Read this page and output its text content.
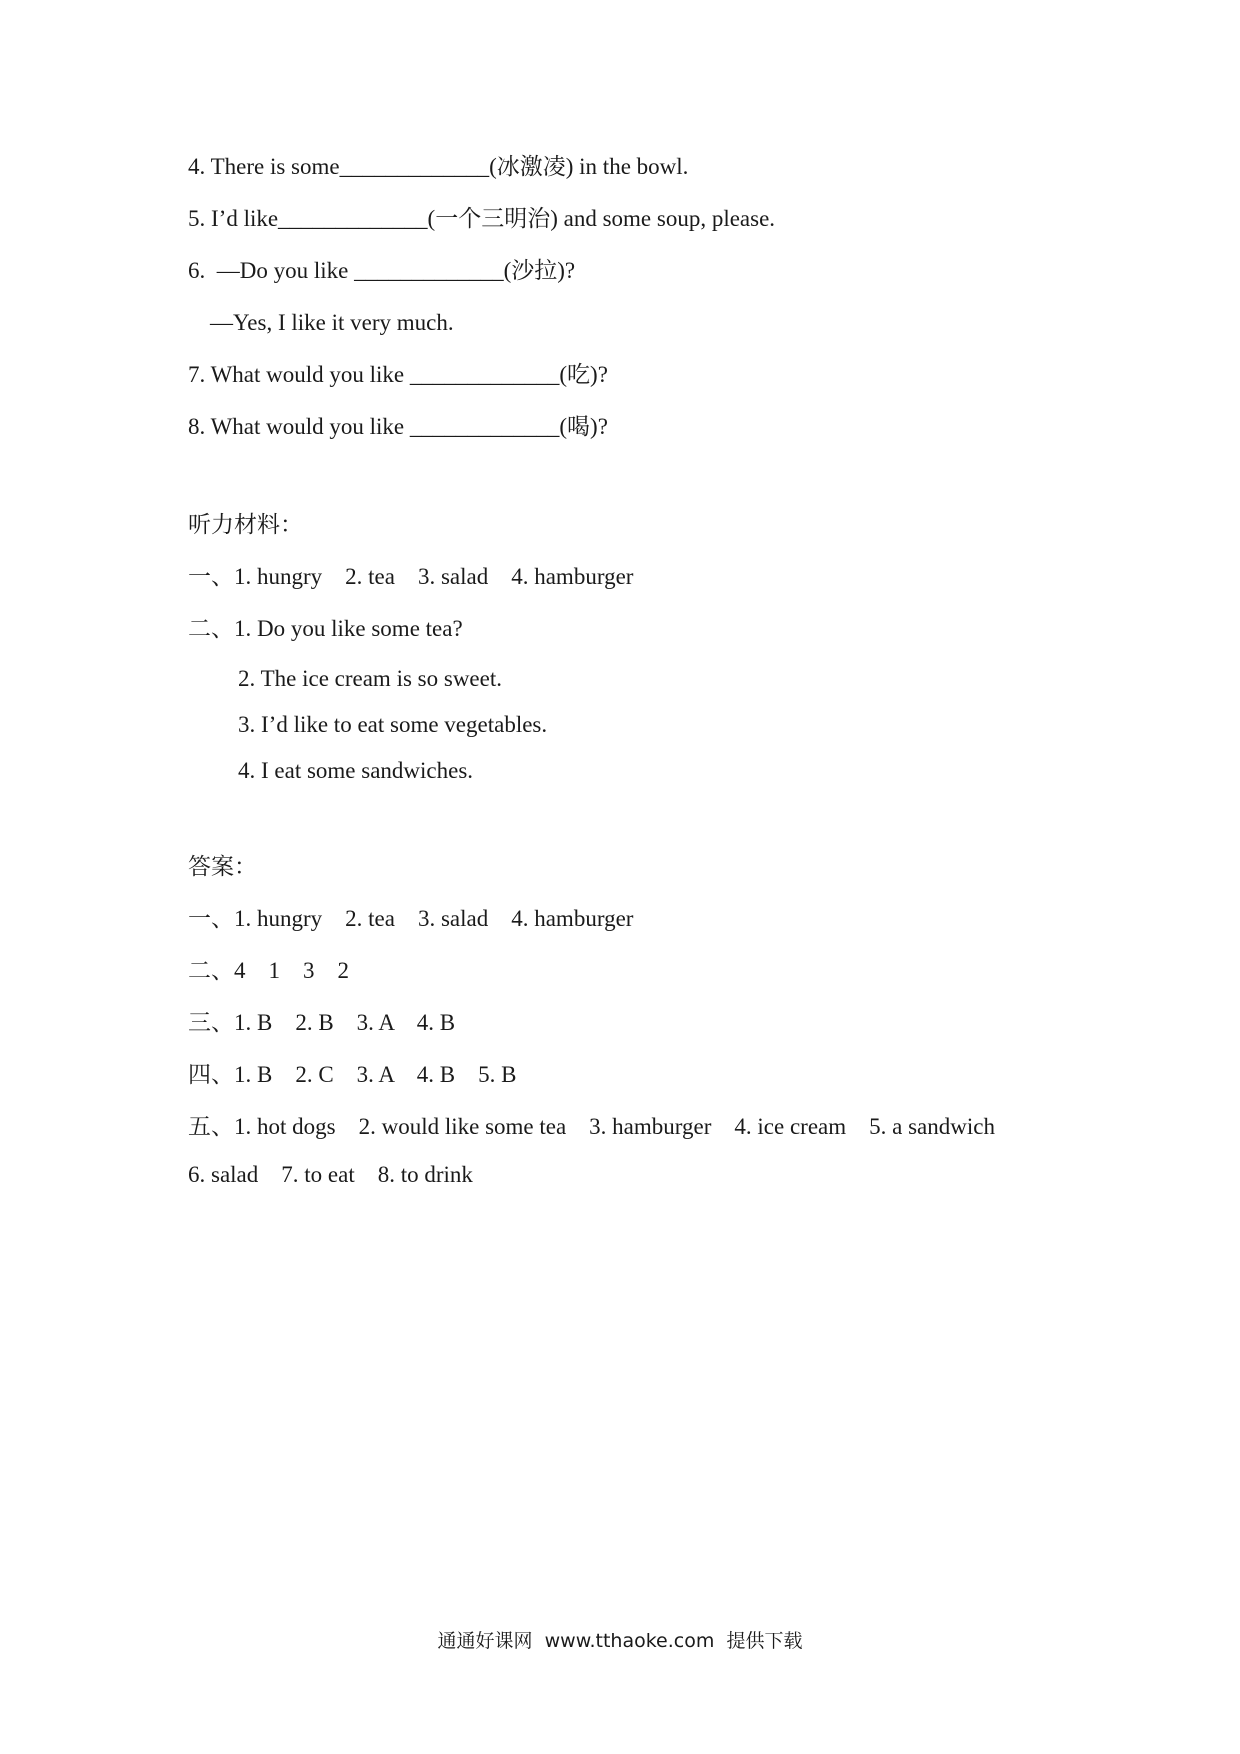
4. There is some_____________(冰激凌) in the bowl.
5. I’d like_____________(一个三明治) and some soup, please.
6.  —Do you like _____________(沙拉)?
—Yes, I like it very much.
7. What would you like _____________(吃)?
8. What would you like _____________(喝)?
听力材料：
一、1. hungry    2. tea    3. salad    4. hamburger
二、1. Do you like some tea?
2. The ice cream is so sweet.
3. I’d like to eat some vegetables.
4. I eat some sandwiches.
答案：
一、1. hungry    2. tea    3. salad    4. hamburger
二、4    1    3    2
三、1. B    2. B    3. A    4. B
四、1. B    2. C    3. A    4. B    5. B
五、1. hot dogs    2. would like some tea    3. hamburger    4. ice cream    5. a sandwich
6. salad    7. to eat    8. to drink
通通好课网  www.tthaoke.com  提供下载
